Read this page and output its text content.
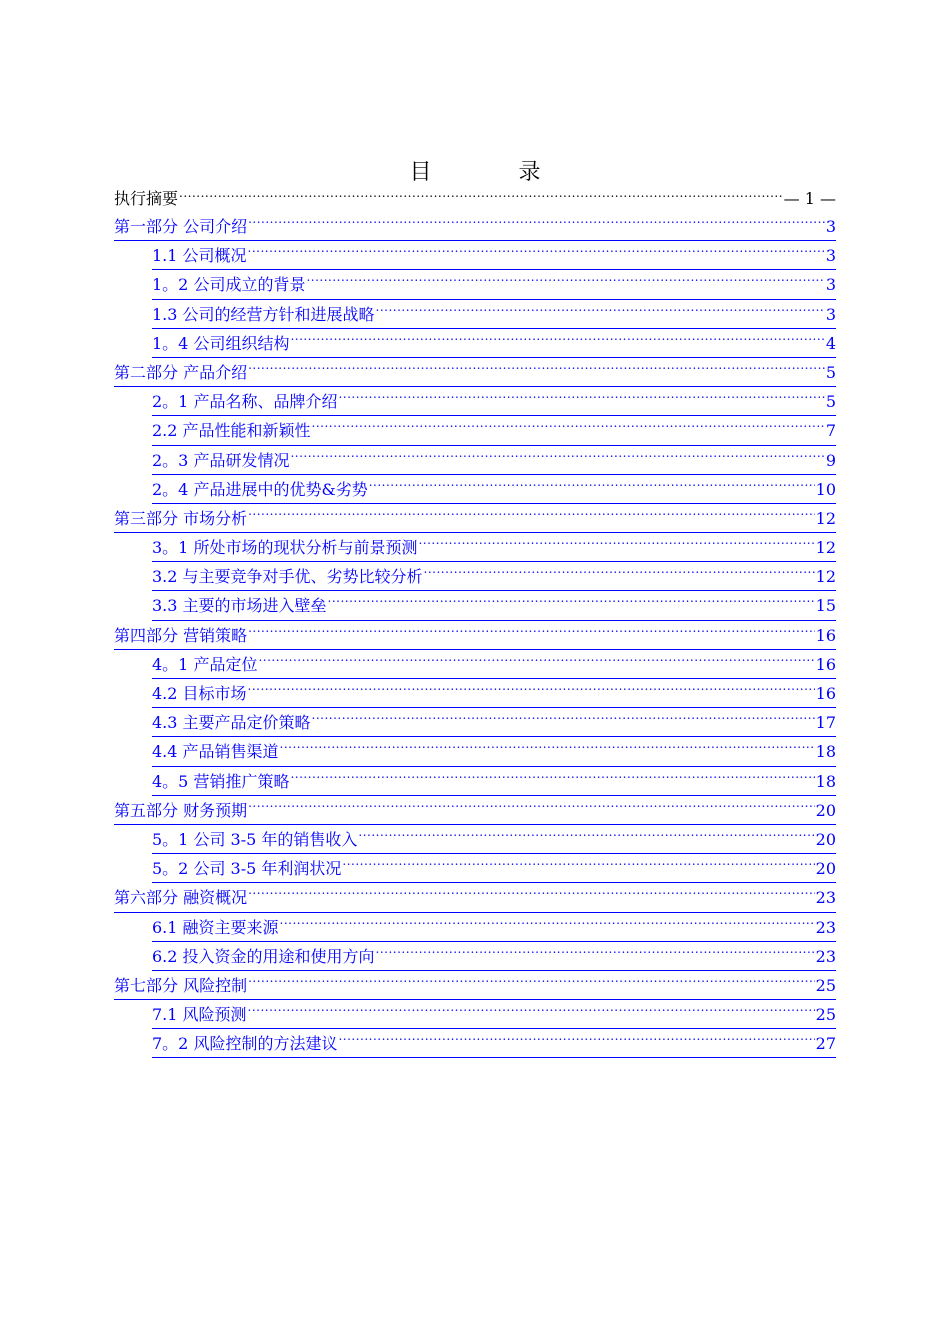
目 录
执行摘要 .....	— 1 —
第一部分 公司介绍 .....	3
1.1 公司概况 .....	3
1。2 公司成立的背景 .....	3
1.3 公司的经营方针和进展战略 .....	3
1。4 公司组织结构 .....	4
第二部分 产品介绍 .....	5
2。1 产品名称、品牌介绍 .....	5
2.2 产品性能和新颖性 .....	7
2。3 产品研发情况 .....	9
2。4 产品进展中的优势&劣势 .....	10
第三部分 市场分析 .....	12
3。1 所处市场的现状分析与前景预测 .....	12
3.2 与主要竞争对手优、劣势比较分析 .....	12
3.3 主要的市场进入壁垒 .....	15
第四部分 营销策略 .....	16
4。1 产品定位 .....	16
4.2 目标市场 .....	16
4.3 主要产品定价策略 .....	17
4.4 产品销售渠道 .....	18
4。5 营销推广策略 .....	18
第五部分 财务预期 .....	20
5。1 公司 3-5 年的销售收入 .....	20
5。2 公司 3-5 年利润状况 .....	20
第六部分 融资概况 .....	23
6.1 融资主要来源 .....	23
6.2 投入资金的用途和使用方向 .....	23
第七部分 风险控制 .....	25
7.1 风险预测 .....	25
7。2 风险控制的方法建议 .....	27
